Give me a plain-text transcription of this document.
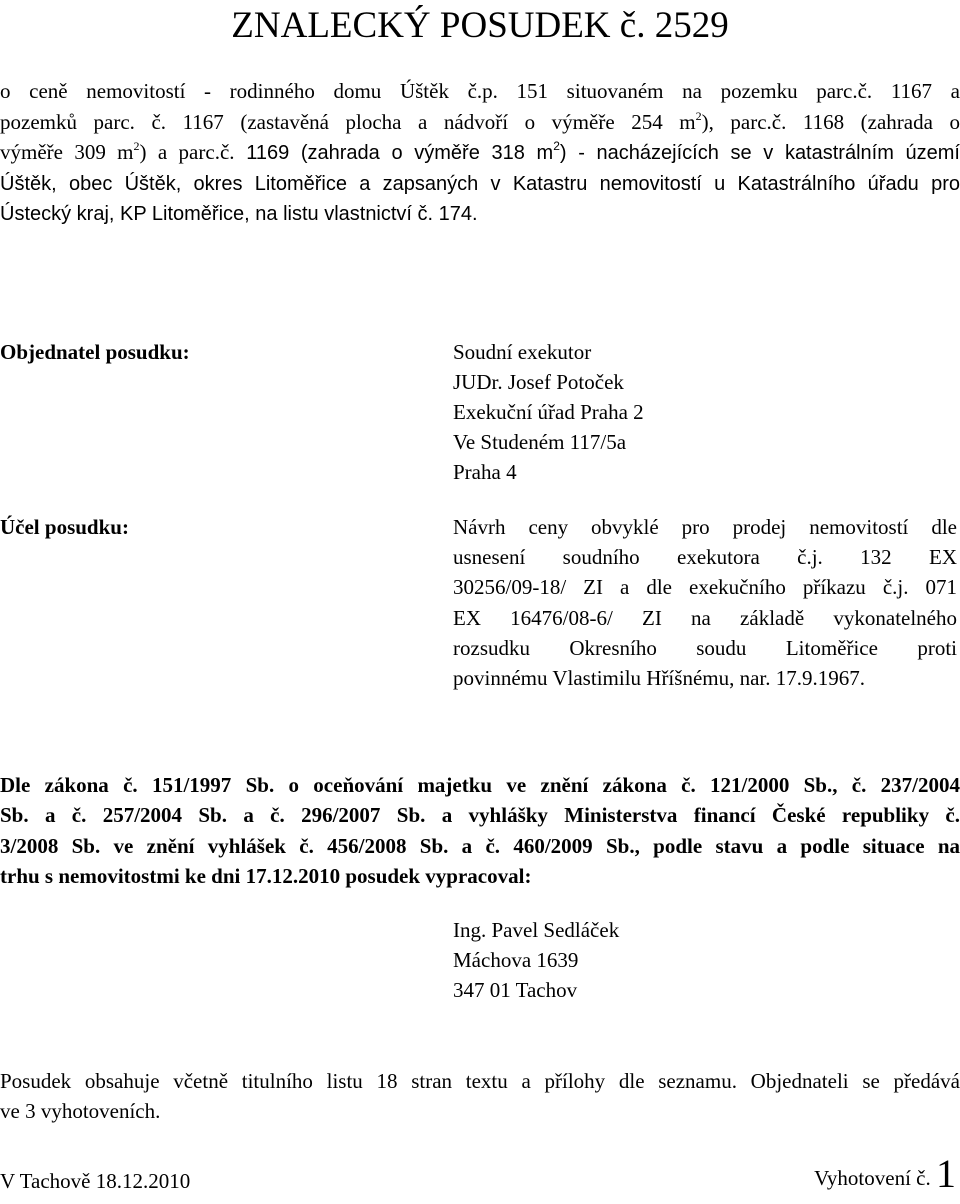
ZNALECKÝ POSUDEK č. 2529
o ceně nemovitostí - rodinného domu Úštěk č.p. 151 situovaném na pozemku parc.č. 1167 a
pozemků parc. č. 1167 (zastavěná plocha a nádvoří o výměře 254 $m^2$), parc.č. 1168 (zahrada o
výměře 309 $m^2$) a parc.č. 1169 (zahrada o výměře 318 $m^2$) - nacházejících se v katastrálním území
Úštěk, obec Úštěk, okres Litoměřice a zapsaných v Katastru nemovitostí u Katastrálního úřadu pro
Ústecký kraj, KP Litoměřice, na listu vlastnictví č. 174.
Objednatel posudku:	Soudní exekutor
JUDr. Josef Potoček
Exekuční úřad Praha 2
Ve Studeném 117/5a
Praha 4
Účel posudku:	Návrh ceny obvyklé pro prodej nemovitostí dle
usnesení soudního exekutora č.j. 132 EX
30256/09-18/ ZI a dle exekučního příkazu č.j. 071
EX 16476/08-6/ ZI na základě vykonatelného
rozsudku Okresního soudu Litoměřice proti
povinnému Vlastimilu Hříšnému, nar. 17.9.1967.
Dle zákona č. 151/1997 Sb. o oceňování majetku ve znění zákona č. 121/2000 Sb., č. 237/2004
Sb. a č. 257/2004 Sb. a č. 296/2007 Sb. a vyhlášky Ministerstva financí České republiky č.
3/2008 Sb. ve znění vyhlášek č. 456/2008 Sb. a č. 460/2009 Sb., podle stavu a podle situace na
trhu s nemovitostmi ke dni 17.12.2010 posudek vypracoval:
Ing. Pavel Sedláček
Máchova 1639
347 01 Tachov
Posudek obsahuje včetně titulního listu 18 stran textu a přílohy dle seznamu. Objednateli se předává
ve 3 vyhotoveních.
V Tachově 18.12.2010	Vyhotovení č. 1
